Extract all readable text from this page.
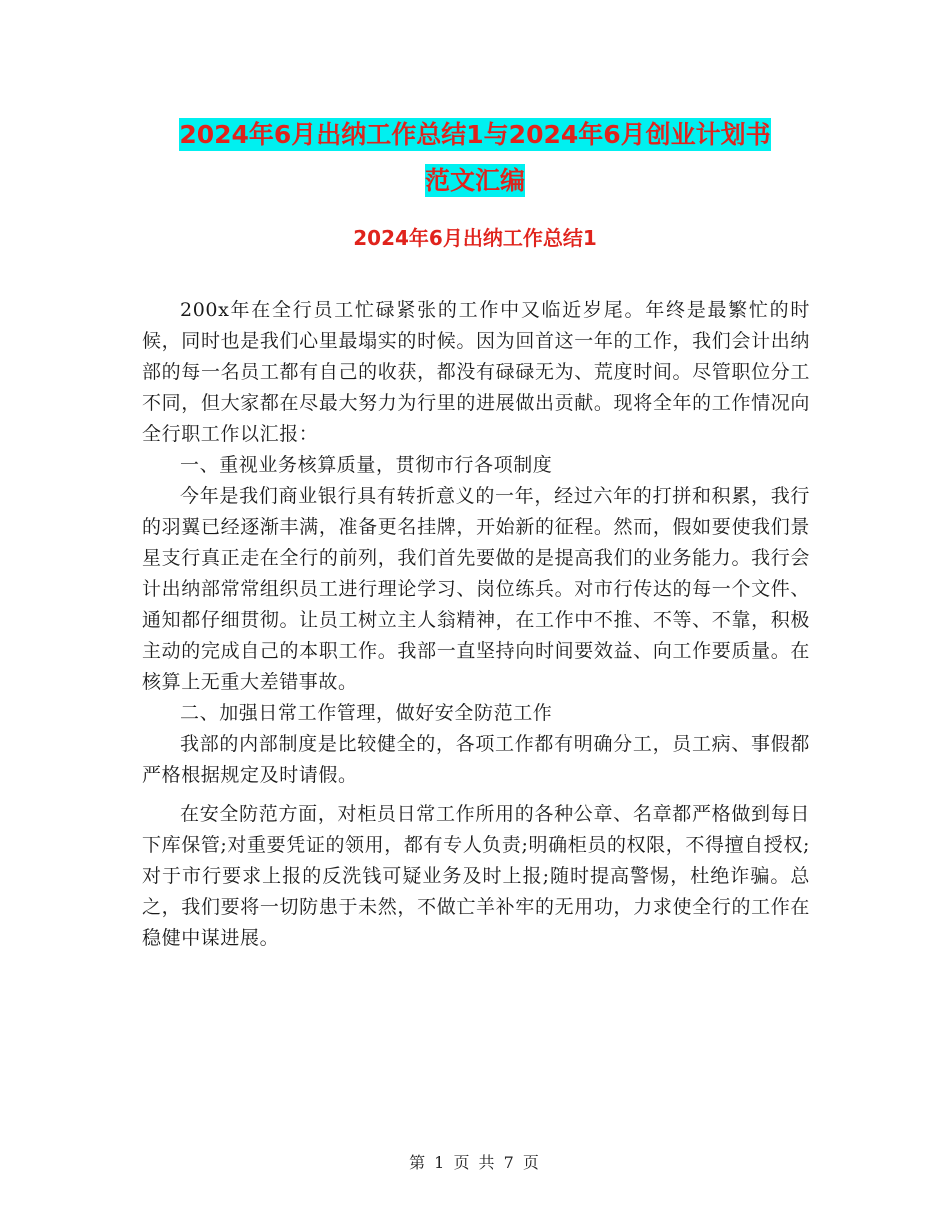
2024年6月出纳工作总结1与2024年6月创业计划书
范文汇编
2024年6月出纳工作总结1

200x年在全行员工忙碌紧张的工作中又临近岁尾。年终是最繁忙的时候，同时也是我们心里最塌实的时候。因为回首这一年的工作，我们会计出纳部的每一名员工都有自己的收获，都没有碌碌无为、荒度时间。尽管职位分工不同，但大家都在尽最大努力为行里的进展做出贡献。现将全年的工作情况向全行职工作以汇报：

一、重视业务核算质量，贯彻市行各项制度

今年是我们商业银行具有转折意义的一年，经过六年的打拼和积累，我行的羽翼已经逐渐丰满，准备更名挂牌，开始新的征程。然而，假如要使我们景星支行真正走在全行的前列，我们首先要做的是提高我们的业务能力。我行会计出纳部常常组织员工进行理论学习、岗位练兵。对市行传达的每一个文件、通知都仔细贯彻。让员工树立主人翁精神，在工作中不推、不等、不靠，积极主动的完成自己的本职工作。我部一直坚持向时间要效益、向工作要质量。在核算上无重大差错事故。

二、加强日常工作管理，做好安全防范工作

我部的内部制度是比较健全的，各项工作都有明确分工，员工病、事假都严格根据规定及时请假。

在安全防范方面，对柜员日常工作所用的各种公章、名章都严格做到每日下库保管;对重要凭证的领用，都有专人负责;明确柜员的权限，不得擅自授权;对于市行要求上报的反洗钱可疑业务及时上报;随时提高警惕，杜绝诈骗。总之，我们要将一切防患于未然，不做亡羊补牢的无用功，力求使全行的工作在稳健中谋进展。

第 1 页 共 7 页
